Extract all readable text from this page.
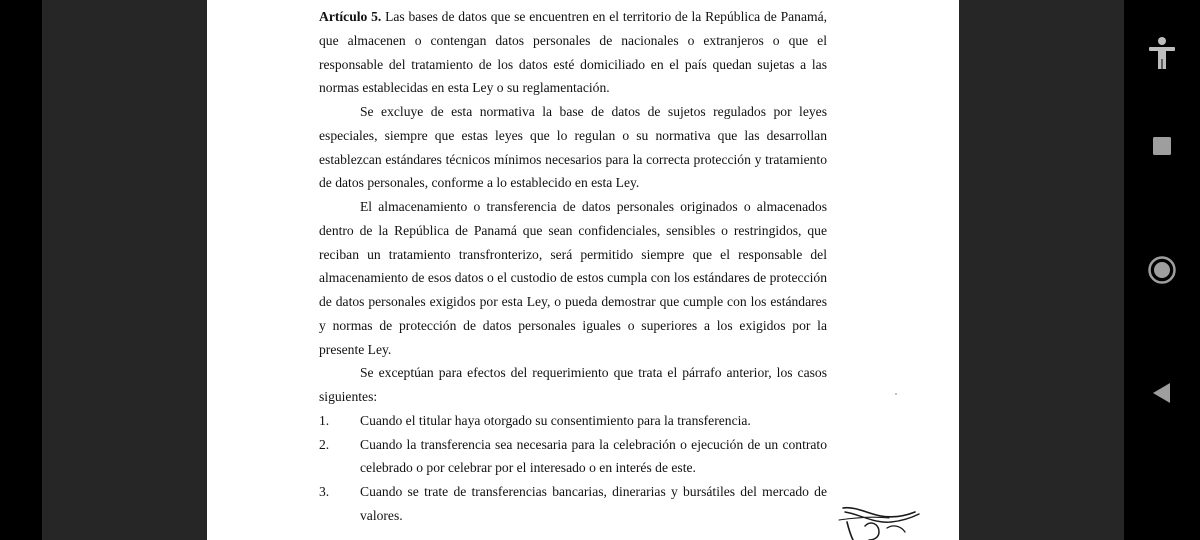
Artículo 5. Las bases de datos que se encuentren en el territorio de la República de Panamá, que almacenen o contengan datos personales de nacionales o extranjeros o que el responsable del tratamiento de los datos esté domiciliado en el país quedan sujetas a las normas establecidas en esta Ley o su reglamentación.

Se excluye de esta normativa la base de datos de sujetos regulados por leyes especiales, siempre que estas leyes que lo regulan o su normativa que las desarrollan establezcan estándares técnicos mínimos necesarios para la correcta protección y tratamiento de datos personales, conforme a lo establecido en esta Ley.

El almacenamiento o transferencia de datos personales originados o almacenados dentro de la República de Panamá que sean confidenciales, sensibles o restringidos, que reciban un tratamiento transfronterizo, será permitido siempre que el responsable del almacenamiento de esos datos o el custodio de estos cumpla con los estándares de protección de datos personales exigidos por esta Ley, o pueda demostrar que cumple con los estándares y normas de protección de datos personales iguales o superiores a los exigidos por la presente Ley.

Se exceptúan para efectos del requerimiento que trata el párrafo anterior, los casos siguientes:

1.	Cuando el titular haya otorgado su consentimiento para la transferencia.
2.	Cuando la transferencia sea necesaria para la celebración o ejecución de un contrato celebrado o por celebrar por el interesado o en interés de este.
3.	Cuando se trate de transferencias bancarias, dinerarias y bursátiles del mercado de valores.
